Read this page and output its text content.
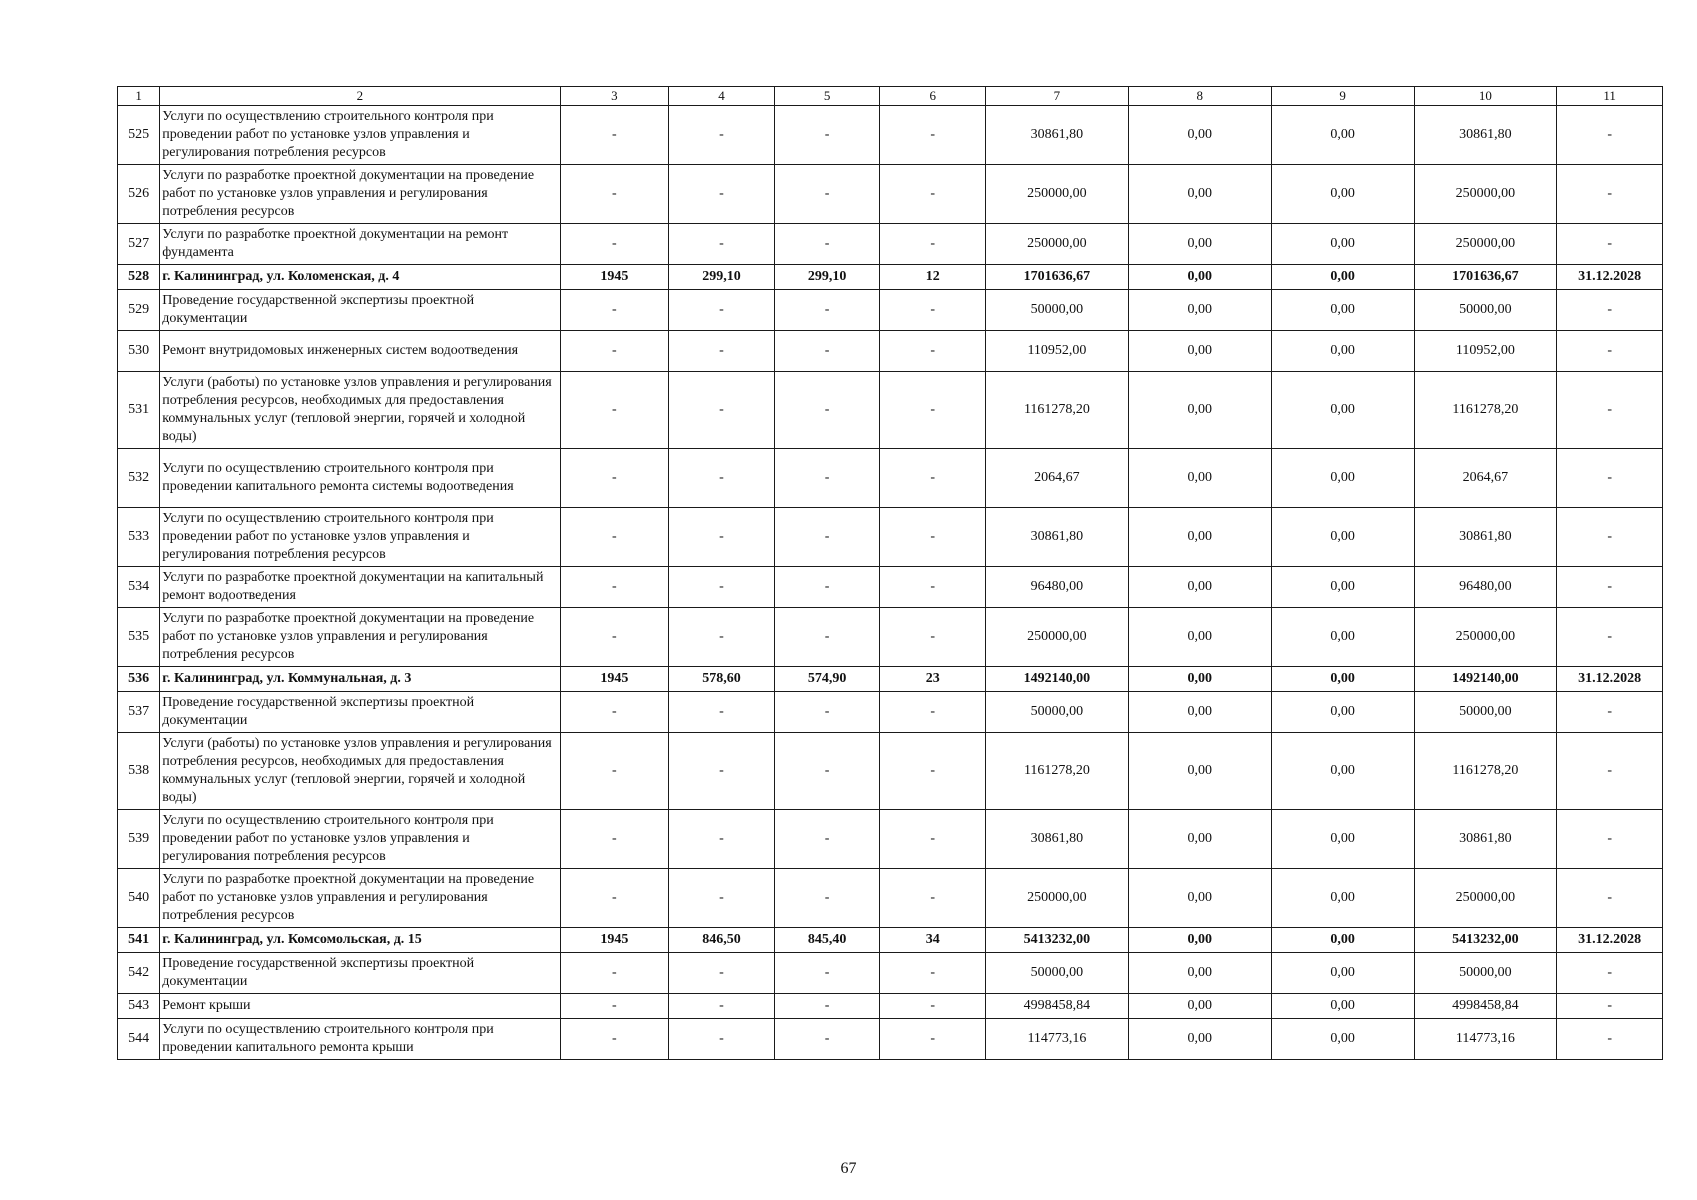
1	2	3	4	5	6	7	8	9	10	11
525	Услуги по осуществлению строительного контроля при проведении работ по установке узлов управления и регулирования потребления ресурсов	-	-	-	-	30861,80	0,00	0,00	30861,80	-
526	Услуги по разработке проектной документации на проведение работ по установке узлов управления и регулирования потребления ресурсов	-	-	-	-	250000,00	0,00	0,00	250000,00	-
527	Услуги по разработке проектной документации на ремонт фундамента	-	-	-	-	250000,00	0,00	0,00	250000,00	-
528	г. Калининград, ул. Коломенская, д. 4	1945	299,10	299,10	12	1701636,67	0,00	0,00	1701636,67	31.12.2028
529	Проведение государственной экспертизы проектной документации	-	-	-	-	50000,00	0,00	0,00	50000,00	-
530	Ремонт внутридомовых инженерных систем водоотведения	-	-	-	-	110952,00	0,00	0,00	110952,00	-
531	Услуги (работы) по установке узлов управления и регулирования потребления ресурсов, необходимых для предоставления коммунальных услуг (тепловой энергии, горячей и холодной воды)	-	-	-	-	1161278,20	0,00	0,00	1161278,20	-
532	Услуги по осуществлению строительного контроля при проведении капитального ремонта системы водоотведения	-	-	-	-	2064,67	0,00	0,00	2064,67	-
533	Услуги по осуществлению строительного контроля при проведении работ по установке узлов управления и регулирования потребления ресурсов	-	-	-	-	30861,80	0,00	0,00	30861,80	-
534	Услуги по разработке проектной документации на капитальный ремонт водоотведения	-	-	-	-	96480,00	0,00	0,00	96480,00	-
535	Услуги по разработке проектной документации на проведение работ по установке узлов управления и регулирования потребления ресурсов	-	-	-	-	250000,00	0,00	0,00	250000,00	-
536	г. Калининград, ул. Коммунальная, д. 3	1945	578,60	574,90	23	1492140,00	0,00	0,00	1492140,00	31.12.2028
537	Проведение государственной экспертизы проектной документации	-	-	-	-	50000,00	0,00	0,00	50000,00	-
538	Услуги (работы) по установке узлов управления и регулирования потребления ресурсов, необходимых для предоставления коммунальных услуг (тепловой энергии, горячей и холодной воды)	-	-	-	-	1161278,20	0,00	0,00	1161278,20	-
539	Услуги по осуществлению строительного контроля при проведении работ по установке узлов управления и регулирования потребления ресурсов	-	-	-	-	30861,80	0,00	0,00	30861,80	-
540	Услуги по разработке проектной документации на проведение работ по установке узлов управления и регулирования потребления ресурсов	-	-	-	-	250000,00	0,00	0,00	250000,00	-
541	г. Калининград, ул. Комсомольская, д. 15	1945	846,50	845,40	34	5413232,00	0,00	0,00	5413232,00	31.12.2028
542	Проведение государственной экспертизы проектной документации	-	-	-	-	50000,00	0,00	0,00	50000,00	-
543	Ремонт крыши	-	-	-	-	4998458,84	0,00	0,00	4998458,84	-
544	Услуги по осуществлению строительного контроля при проведении капитального ремонта крыши	-	-	-	-	114773,16	0,00	0,00	114773,16	-
67
